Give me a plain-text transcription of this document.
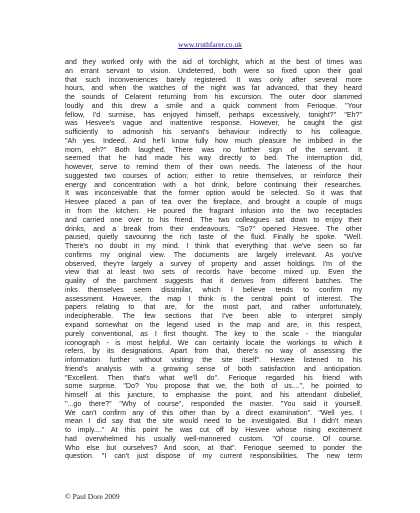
www.truthfarer.co.uk
and they worked only with the aid of torchlight, which at the best of times was
an errant servant to vision. Undeterred, both were so fixed upon their goal
that such inconveniences barely registered. It was only after several more
hours, and when the watches of the night was far advanced, that they heard
the sounds of Celarent returning from his excursion. The outer door slammed
loudly and this drew a smile and a quick comment from Ferioque. "Your
fellow, I'd surmise, has enjoyed himself, perhaps excessively, tonight?" "Eh?"
was Hesvee's vague and inattentive response. However, he caught the gist
sufficiently to admonish his servant's behaviour indirectly to his colleague.
"Ah yes. Indeed. And he'll know fully how much pleasure he imbibed in the
morn, eh?" Both laughed. There was no further sign of the servant. It
seemed that he had made his way directly to bed. The interruption did,
however, serve to remind them of their own needs. The lateness of the hour
suggested two courses of action; either to retire themselves, or reinforce their
energy and concentration with a hot drink, before continuing their researches.
It was inconceivable that the former option would be selected. So it was that
Hesvee placed a pan of tea over the fireplace, and brought a couple of mugs
in from the kitchen. He poured the fragrant infusion into the two receptacles
and carried one over to his friend. The two colleagues sat down to enjoy their
drinks, and a break from their endeavours. "So?" opened Hesvee. The other
paused, quietly savouring the rich taste of the fluid. Finally he spoke. "Well.
There's no doubt in my mind. I think that everything that we've seen so far
confirms my original view. The documents are largely irrelevant. As you've
observed, they're largely a survey of property and asset holdings. I'm of the
view that at least two sets of records have become mixed up. Even the
quality of the parchment suggests that it derives from different batches. The
inks themselves seem dissimilar, which I believe tends to confirm my
assessment. However, the map I think is the central point of interest. The
papers relating to that are, for the most part, and rather unfortunately,
indecipherable. The few sections that I've been able to interpret simply
expand somewhat on the legend used in the map and are, in this respect,
purely conventional, as I first thought. The key to the scale - the triangular
iconograph - is most helpful. We can certainly locate the workings to which it
refers, by its designations. Apart from that, there's no way of assessing the
information further without visiting the site itself". Hesvee listened to his
friend's analysis with a growing sense of both satisfaction and anticipation.
"Excellent. Then that's what we'll do". Ferioque regarded his friend with
some surprise. "Do? You propose that we, the both of us....", he pointed to
himself at this juncture, to emphasise the point, and his attendant disbelief,
"...go there?" "Why of course", responded the master. "You said it yourself.
We can't confirm any of this other than by a direct examination". "Well yes. I
mean I did say that the site would need to be investigated. But I didn't mean
to imply...." At this point he was cut off by Hesvee whose rising excitement
had overwhelmed his usually well-mannered custom. "Of course. Of course.
Who else but ourselves? And soon, at that". Ferioque seemed to ponder the
question. "I can't just dispose of my current responsibilities. The new term
© Paul Dore 2009
